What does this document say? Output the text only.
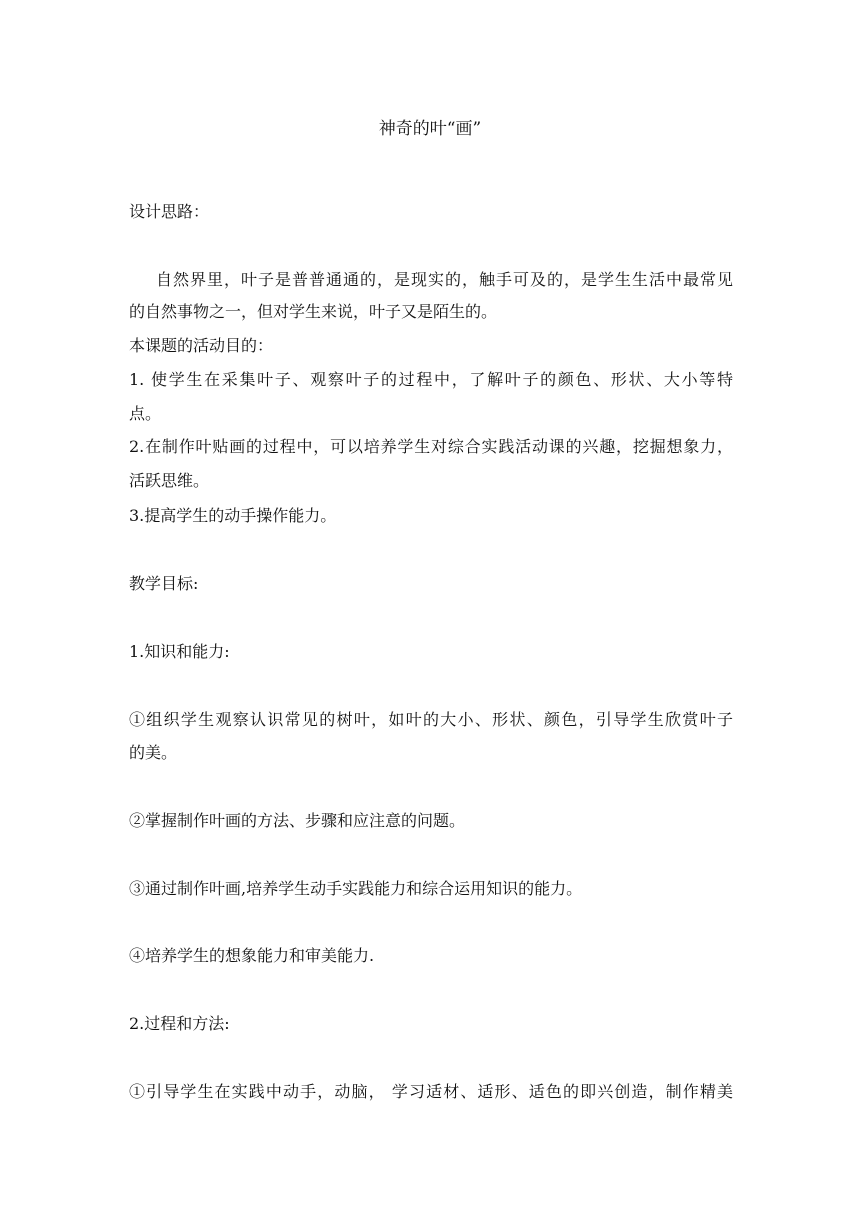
神奇的叶“画”
设计思路：
自然界里，叶子是普普通通的，是现实的，触手可及的，是学生生活中最常见
的自然事物之一，但对学生来说，叶子又是陌生的。
本课题的活动目的：
1. 使学生在采集叶子、观察叶子的过程中，了解叶子的颜色、形状、大小等特
点。
2.在制作叶贴画的过程中，可以培养学生对综合实践活动课的兴趣，挖掘想象力，
活跃思维。
3.提高学生的动手操作能力。
教学目标:
1.知识和能力:
①组织学生观察认识常见的树叶，如叶的大小、形状、颜色，引导学生欣赏叶子
的美。
②掌握制作叶画的方法、步骤和应注意的问题。
③通过制作叶画,培养学生动手实践能力和综合运用知识的能力。
④培养学生的想象能力和审美能力.
2.过程和方法:
①引导学生在实践中动手，动脑， 学习适材、适形、适色的即兴创造，制作精美
